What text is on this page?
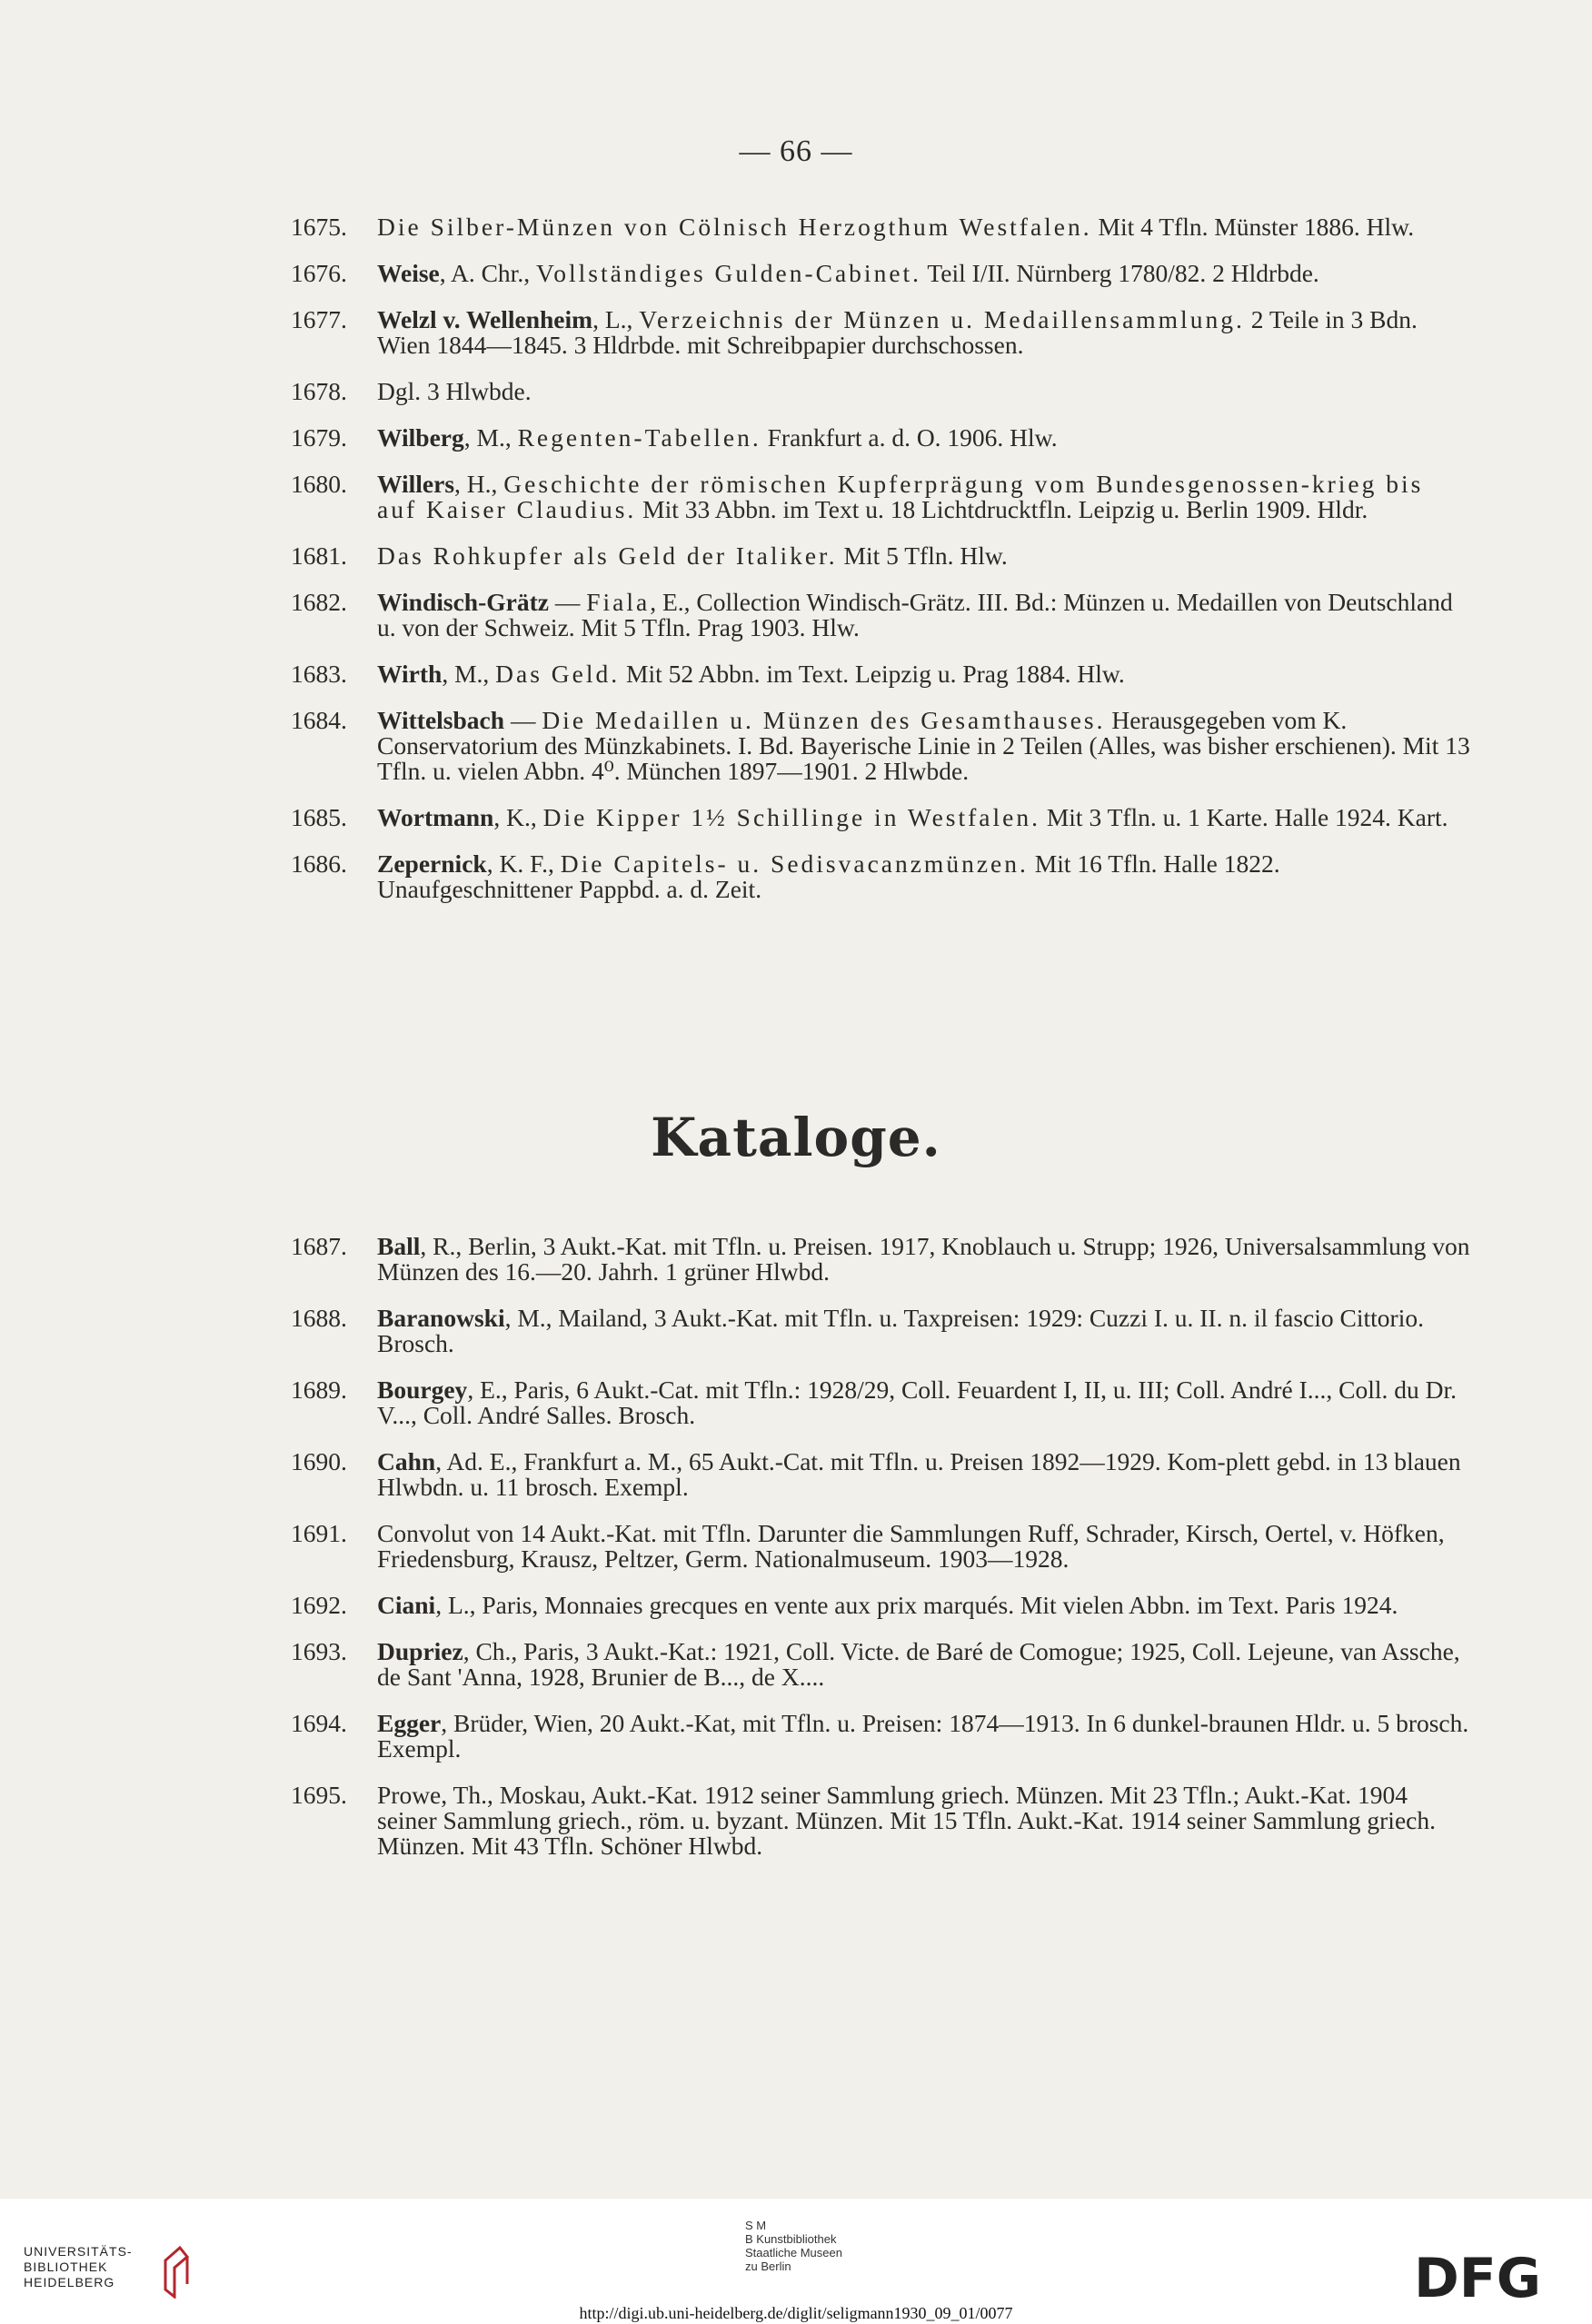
— 66 —
1675.	Die Silber-Münzen von Cölnisch Herzogthum Westfalen. Mit 4 Tfln. Münster 1886. Hlw.
1676.	Weise, A. Chr., Vollständiges Gulden-Cabinet. Teil I/II. Nürnberg 1780/82. 2 Hldrbde.
1677.	Welzl v. Wellenheim, L., Verzeichnis der Münzen u. Medaillensammlung. 2 Teile in 3 Bdn. Wien 1844—1845. 3 Hldrbde. mit Schreibpapier durchschossen.
1678.	Dgl. 3 Hlwbde.
1679.	Wilberg, M., Regenten-Tabellen. Frankfurt a. d. O. 1906. Hlw.
1680.	Willers, H., Geschichte der römischen Kupferprägung vom Bundesgenossen-krieg bis auf Kaiser Claudius. Mit 33 Abbn. im Text u. 18 Lichtdrucktfln. Leipzig u. Berlin 1909. Hldr.
1681.	Das Rohkupfer als Geld der Italiker. Mit 5 Tfln. Hlw.
1682.	Windisch-Grätz — Fiala, E., Collection Windisch-Grätz. III. Bd.: Münzen u. Medaillen von Deutschland u. von der Schweiz. Mit 5 Tfln. Prag 1903. Hlw.
1683.	Wirth, M., Das Geld. Mit 52 Abbn. im Text. Leipzig u. Prag 1884. Hlw.
1684.	Wittelsbach — Die Medaillen u. Münzen des Gesamthauses. Herausgegeben vom K. Conservatorium des Münzkabinets. I. Bd. Bayerische Linie in 2 Teilen (Alles, was bisher erschienen). Mit 13 Tfln. u. vielen Abbn. 4⁰. München 1897—1901. 2 Hlwbde.
1685.	Wortmann, K., Die Kipper 1½ Schillinge in Westfalen. Mit 3 Tfln. u. 1 Karte. Halle 1924. Kart.
1686.	Zepernick, K. F., Die Capitels- u. Sedisvacanzmünzen. Mit 16 Tfln. Halle 1822. Unaufgeschnittener Pappbd. a. d. Zeit.
Kataloge.
1687.	Ball, R., Berlin, 3 Aukt.-Kat. mit Tfln. u. Preisen. 1917, Knoblauch u. Strupp; 1926, Universalsammlung von Münzen des 16.—20. Jahrh. 1 grüner Hlwbd.
1688.	Baranowski, M., Mailand, 3 Aukt.-Kat. mit Tfln. u. Taxpreisen: 1929: Cuzzi I. u. II. n. il fascio Cittorio. Brosch.
1689.	Bourgey, E., Paris, 6 Aukt.-Cat. mit Tfln.: 1928/29, Coll. Feuardent I, II, u. III; Coll. André I..., Coll. du Dr. V..., Coll. André Salles. Brosch.
1690.	Cahn, Ad. E., Frankfurt a. M., 65 Aukt.-Cat. mit Tfln. u. Preisen 1892—1929. Kom-plett gebd. in 13 blauen Hlwbdn. u. 11 brosch. Exempl.
1691.	Convolut von 14 Aukt.-Kat. mit Tfln. Darunter die Sammlungen Ruff, Schrader, Kirsch, Oertel, v. Höfken, Friedensburg, Krausz, Peltzer, Germ. Nationalmuseum. 1903—1928.
1692.	Ciani, L., Paris, Monnaies grecques en vente aux prix marqués. Mit vielen Abbn. im Text. Paris 1924.
1693.	Dupriez, Ch., Paris, 3 Aukt.-Kat.: 1921, Coll. Victe. de Baré de Comogue; 1925, Coll. Lejeune, van Assche, de Sant 'Anna, 1928, Brunier de B..., de X....
1694.	Egger, Brüder, Wien, 20 Aukt.-Kat, mit Tfln. u. Preisen: 1874—1913. In 6 dunkel-braunen Hldr. u. 5 brosch. Exempl.
1695.	Prowe, Th., Moskau, Aukt.-Kat. 1912 seiner Sammlung griech. Münzen. Mit 23 Tfln.; Aukt.-Kat. 1904 seiner Sammlung griech., röm. u. byzant. Münzen. Mit 15 Tfln. Aukt.-Kat. 1914 seiner Sammlung griech. Münzen. Mit 43 Tfln. Schöner Hlwbd.
UNIVERSITÄTS-
BIBLIOTHEK
HEIDELBERG
S M
B Kunstbibliothek
Staatliche Museen
zu Berlin	DFG
http://digi.ub.uni-heidelberg.de/diglit/seligmann1930_09_01/0077
